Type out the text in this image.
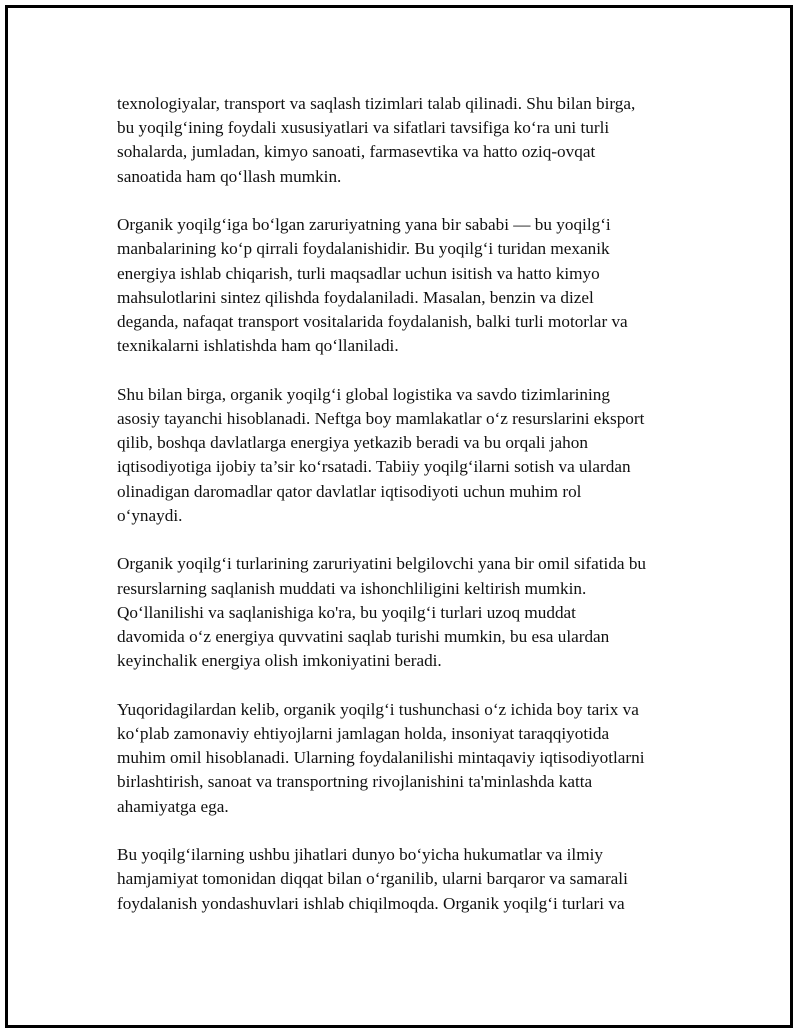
texnologiyalar, transport va saqlash tizimlari talab qilinadi. Shu bilan birga,
bu yoqilg‘ining foydali xususiyatlari va sifatlari tavsifiga ko‘ra uni turli
sohalarda, jumladan, kimyo sanoati, farmasevtika va hatto oziq-ovqat
sanoatida ham qo‘llash mumkin.

Organik yoqilg‘iga bo‘lgan zaruriyatning yana bir sababi — bu yoqilg‘i
manbalarining ko‘p qirrali foydalanishidir. Bu yoqilg‘i turidan mexanik
energiya ishlab chiqarish, turli maqsadlar uchun isitish va hatto kimyo
mahsulotlarini sintez qilishda foydalaniladi. Masalan, benzin va dizel
deganda, nafaqat transport vositalarida foydalanish, balki turli motorlar va
texnikalarni ishlatishda ham qo‘llaniladi.

Shu bilan birga, organik yoqilg‘i global logistika va savdo tizimlarining
asosiy tayanchi hisoblanadi. Neftga boy mamlakatlar o‘z resurslarini eksport
qilib, boshqa davlatlarga energiya yetkazib beradi va bu orqali jahon
iqtisodiyotiga ijobiy ta’sir ko‘rsatadi. Tabiiy yoqilg‘ilarni sotish va ulardan
olinadigan daromadlar qator davlatlar iqtisodiyoti uchun muhim rol
o‘ynaydi.

Organik yoqilg‘i turlarining zaruriyatini belgilovchi yana bir omil sifatida bu
resurslarning saqlanish muddati va ishonchliligini keltirish mumkin.
Qo‘llanilishi va saqlanishiga ko'ra, bu yoqilg‘i turlari uzoq muddat
davomida o‘z energiya quvvatini saqlab turishi mumkin, bu esa ulardan
keyinchalik energiya olish imkoniyatini beradi.

Yuqoridagilardan kelib, organik yoqilg‘i tushunchasi o‘z ichida boy tarix va
ko‘plab zamonaviy ehtiyojlarni jamlagan holda, insoniyat taraqqiyotida
muhim omil hisoblanadi. Ularning foydalanilishi mintaqaviy iqtisodiyotlarni
birlashtirish, sanoat va transportning rivojlanishini ta'minlashda katta
ahamiyatga ega.

Bu yoqilg‘ilarning ushbu jihatlari dunyo bo‘yicha hukumatlar va ilmiy
hamjamiyat tomonidan diqqat bilan o‘rganilib, ularni barqaror va samarali
foydalanish yondashuvlari ishlab chiqilmoqda. Organik yoqilg‘i turlari va
